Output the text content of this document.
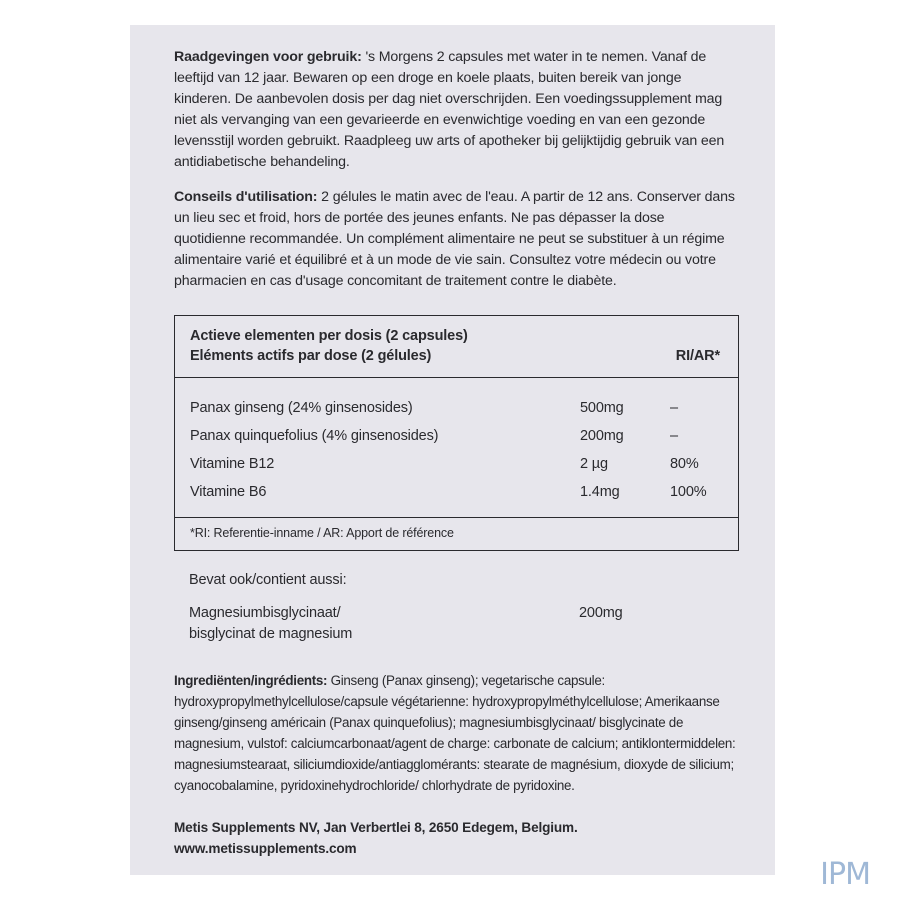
Raadgevingen voor gebruik: 's Morgens 2 capsules met water in te nemen. Vanaf de leeftijd van 12 jaar. Bewaren op een droge en koele plaats, buiten bereik van jonge kinderen. De aanbevolen dosis per dag niet overschrijden. Een voedingssupplement mag niet als vervanging van een gevarieerde en evenwichtige voeding en van een gezonde levensstijl worden gebruikt. Raadpleeg uw arts of apotheker bij gelijktijdig gebruik van een antidiabetische behandeling.

Conseils d'utilisation: 2 gélules le matin avec de l'eau. A partir de 12 ans. Conserver dans un lieu sec et froid, hors de portée des jeunes enfants. Ne pas dépasser la dose quotidienne recommandée. Un complément alimentaire ne peut se substituer à un régime alimentaire varié et équilibré et à un mode de vie sain. Consultez votre médecin ou votre pharmacien en cas d'usage concomitant de traitement contre le diabète.

Actieve elementen per dosis (2 capsules)
Eléments actifs par dose (2 gélules)	RI/AR*
Panax ginseng (24% ginsenosides)	500mg	–
Panax quinquefolius (4% ginsenosides)	200mg	–
Vitamine B12	2 µg	80%
Vitamine B6	1.4mg	100%
*RI: Referentie-inname / AR: Apport de référence
Bevat ook/contient aussi:
Magnesiumbisglycinaat/
bisglycinat de magnesium
200mg

Ingrediënten/ingrédients: Ginseng (Panax ginseng); vegetarische capsule: hydroxypropylmethylcellulose/capsule végétarienne: hydroxypropylméthylcellulose; Amerikaanse ginseng/ginseng américain (Panax quinquefolius); magnesiumbisglycinaat/ bisglycinate de magnesium, vulstof: calciumcarbonaat/agent de charge: carbonate de calcium; antiklontermiddelen: magnesiumstearaat, siliciumdioxide/antiagglomérants: stearate de magnésium, dioxyde de silicium; cyanocobalamine, pyridoxinehydrochloride/ chlorhydrate de pyridoxine.

Metis Supplements NV, Jan Verbertlei 8, 2650 Edegem, Belgium.
www.metissupplements.com
IPM
